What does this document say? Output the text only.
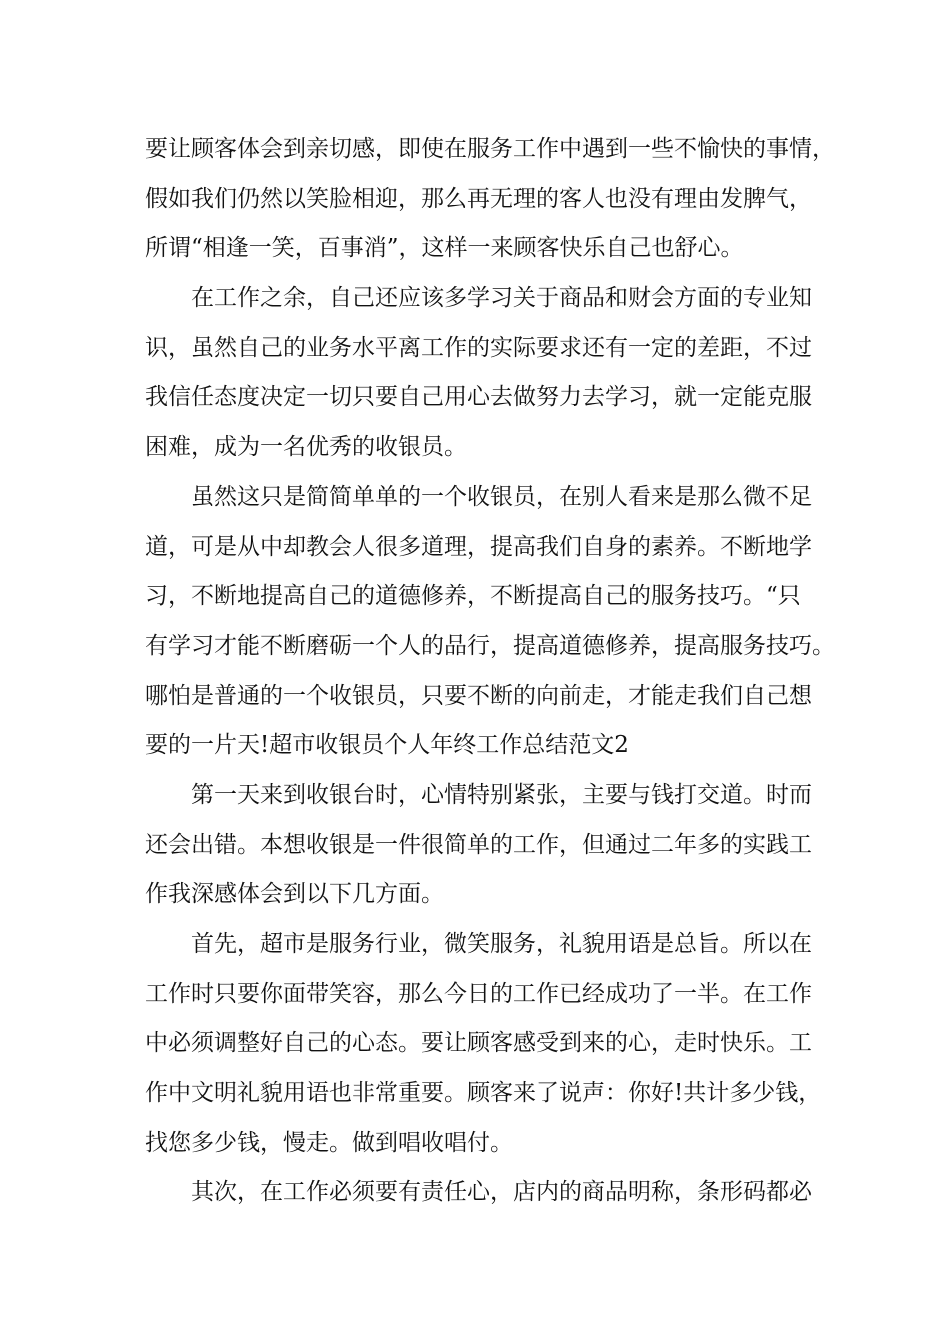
要让顾客体会到亲切感，即使在服务工作中遇到一些不愉快的事情，
假如我们仍然以笑脸相迎，那么再无理的客人也没有理由发脾气，
所谓“相逢一笑，百事消”，这样一来顾客快乐自己也舒心。
在工作之余，自己还应该多学习关于商品和财会方面的专业知
识，虽然自己的业务水平离工作的实际要求还有一定的差距，不过
我信任态度决定一切只要自己用心去做努力去学习，就一定能克服
困难，成为一名优秀的收银员。
虽然这只是简简单单的一个收银员，在别人看来是那么微不足
道，可是从中却教会人很多道理，提高我们自身的素养。不断地学
习，不断地提高自己的道德修养，不断提高自己的服务技巧。“只
有学习才能不断磨砺一个人的品行，提高道德修养，提高服务技巧。
哪怕是普通的一个收银员，只要不断的向前走，才能走我们自己想
要的一片天!超市收银员个人年终工作总结范文2
第一天来到收银台时，心情特别紧张，主要与钱打交道。时而
还会出错。本想收银是一件很简单的工作，但通过二年多的实践工
作我深感体会到以下几方面。
首先，超市是服务行业，微笑服务，礼貌用语是总旨。所以在
工作时只要你面带笑容，那么今日的工作已经成功了一半。在工作
中必须调整好自己的心态。要让顾客感受到来的心，走时快乐。工
作中文明礼貌用语也非常重要。顾客来了说声：你好!共计多少钱，
找您多少钱，慢走。做到唱收唱付。
其次，在工作必须要有责任心，店内的商品明称，条形码都必
